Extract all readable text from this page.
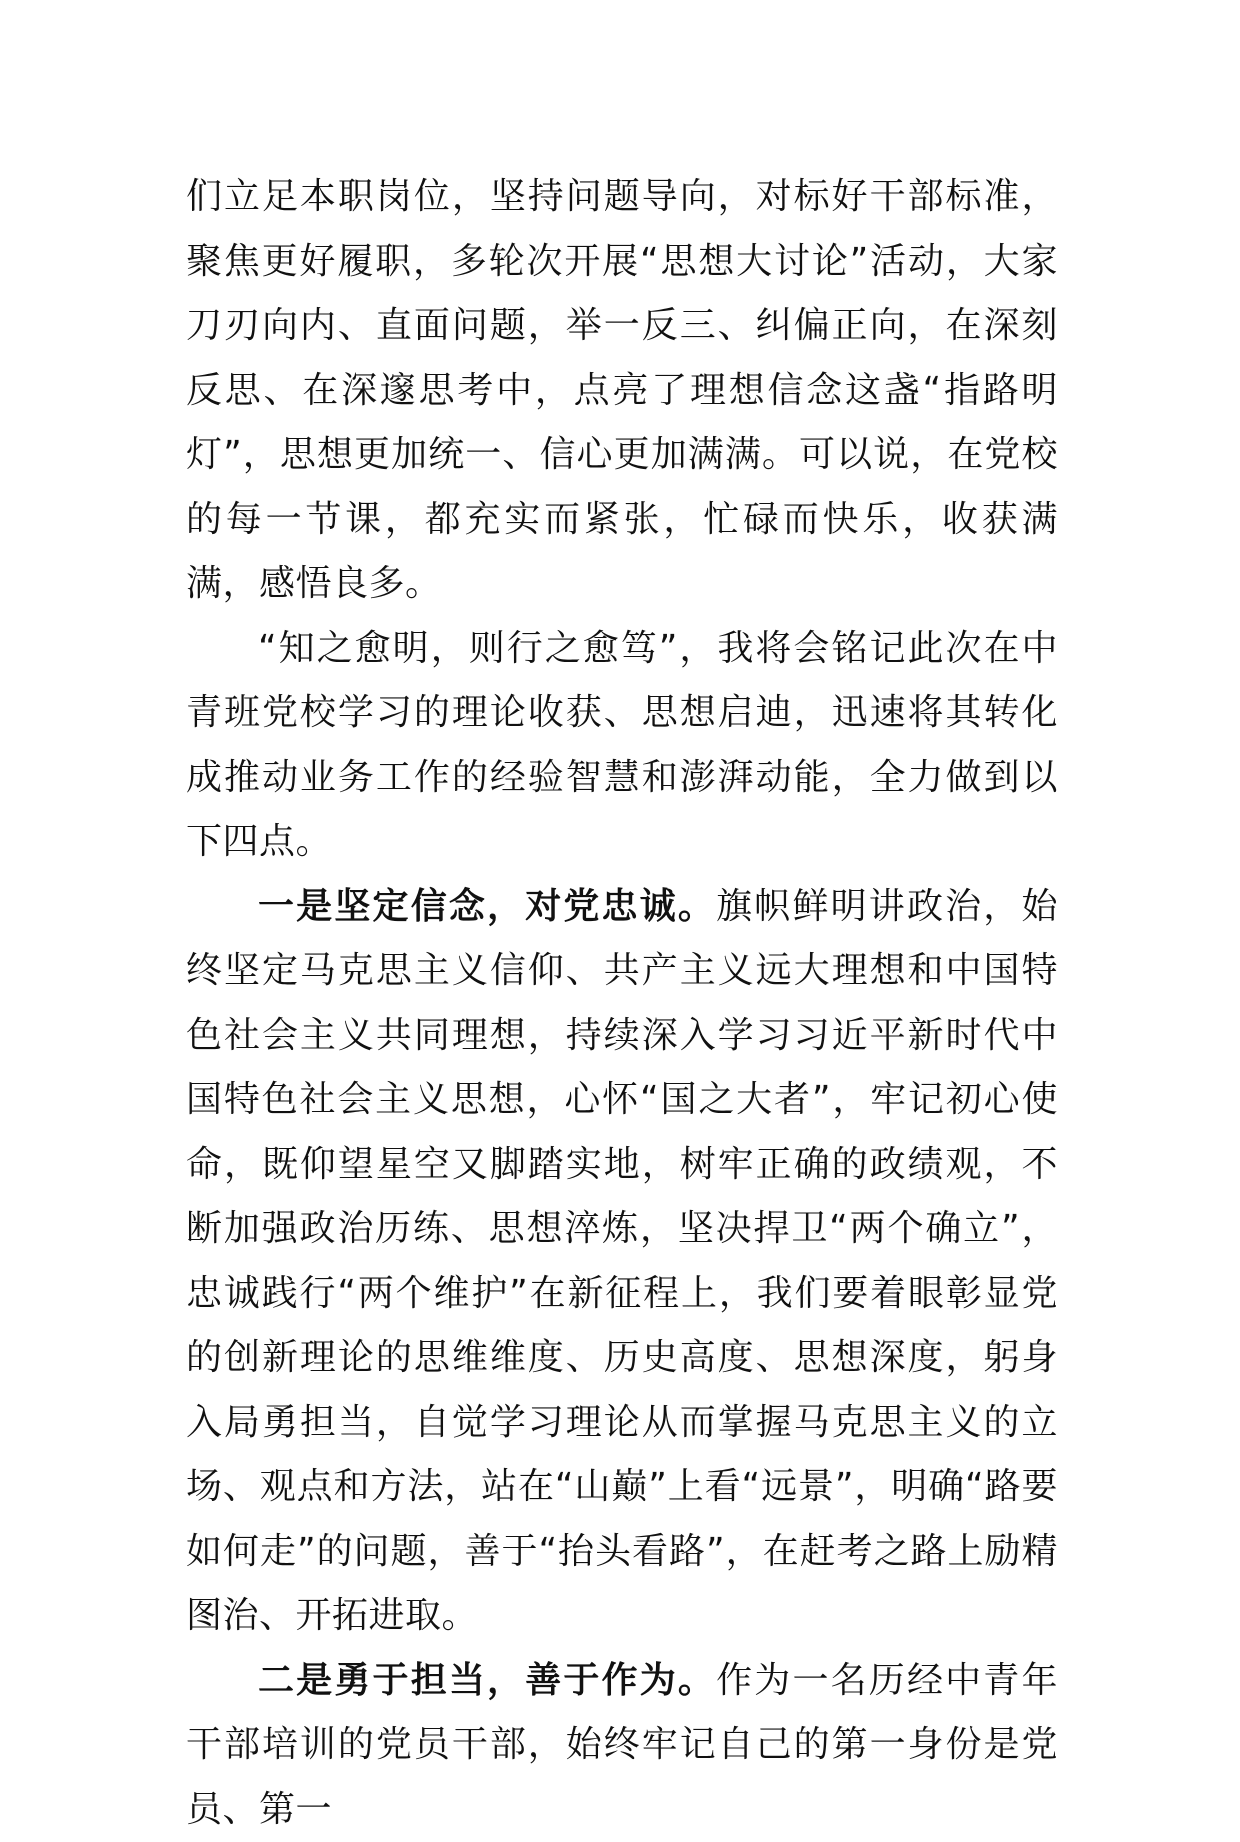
们立足本职岗位，坚持问题导向，对标好干部标准，聚焦更好履职，多轮次开展“思想大讨论”活动，大家刀刃向内、直面问题，举一反三、纠偏正向，在深刻反思、在深邃思考中，点亮了理想信念这盏“指路明灯”，思想更加统一、信心更加满满。可以说，在党校的每一节课，都充实而紧张，忙碌而快乐，收获满满，感悟良多。

“知之愈明，则行之愈笃”，我将会铭记此次在中青班党校学习的理论收获、思想启迪，迅速将其转化成推动业务工作的经验智慧和澎湃动能，全力做到以下四点。

一是坚定信念，对党忠诚。旗帜鲜明讲政治，始终坚定马克思主义信仰、共产主义远大理想和中国特色社会主义共同理想，持续深入学习习近平新时代中国特色社会主义思想，心怀“国之大者”，牢记初心使命，既仰望星空又脚踏实地，树牢正确的政绩观，不断加强政治历练、思想淬炼，坚决捍卫“两个确立”，忠诚践行“两个维护”在新征程上，我们要着眼彰显党的创新理论的思维维度、历史高度、思想深度，躬身入局勇担当，自觉学习理论从而掌握马克思主义的立场、观点和方法，站在“山巅”上看“远景”，明确“路要如何走”的问题，善于“抬头看路”，在赶考之路上励精图治、开拓进取。

二是勇于担当，善于作为。作为一名历经中青年干部培训的党员干部，始终牢记自己的第一身份是党员、第一
